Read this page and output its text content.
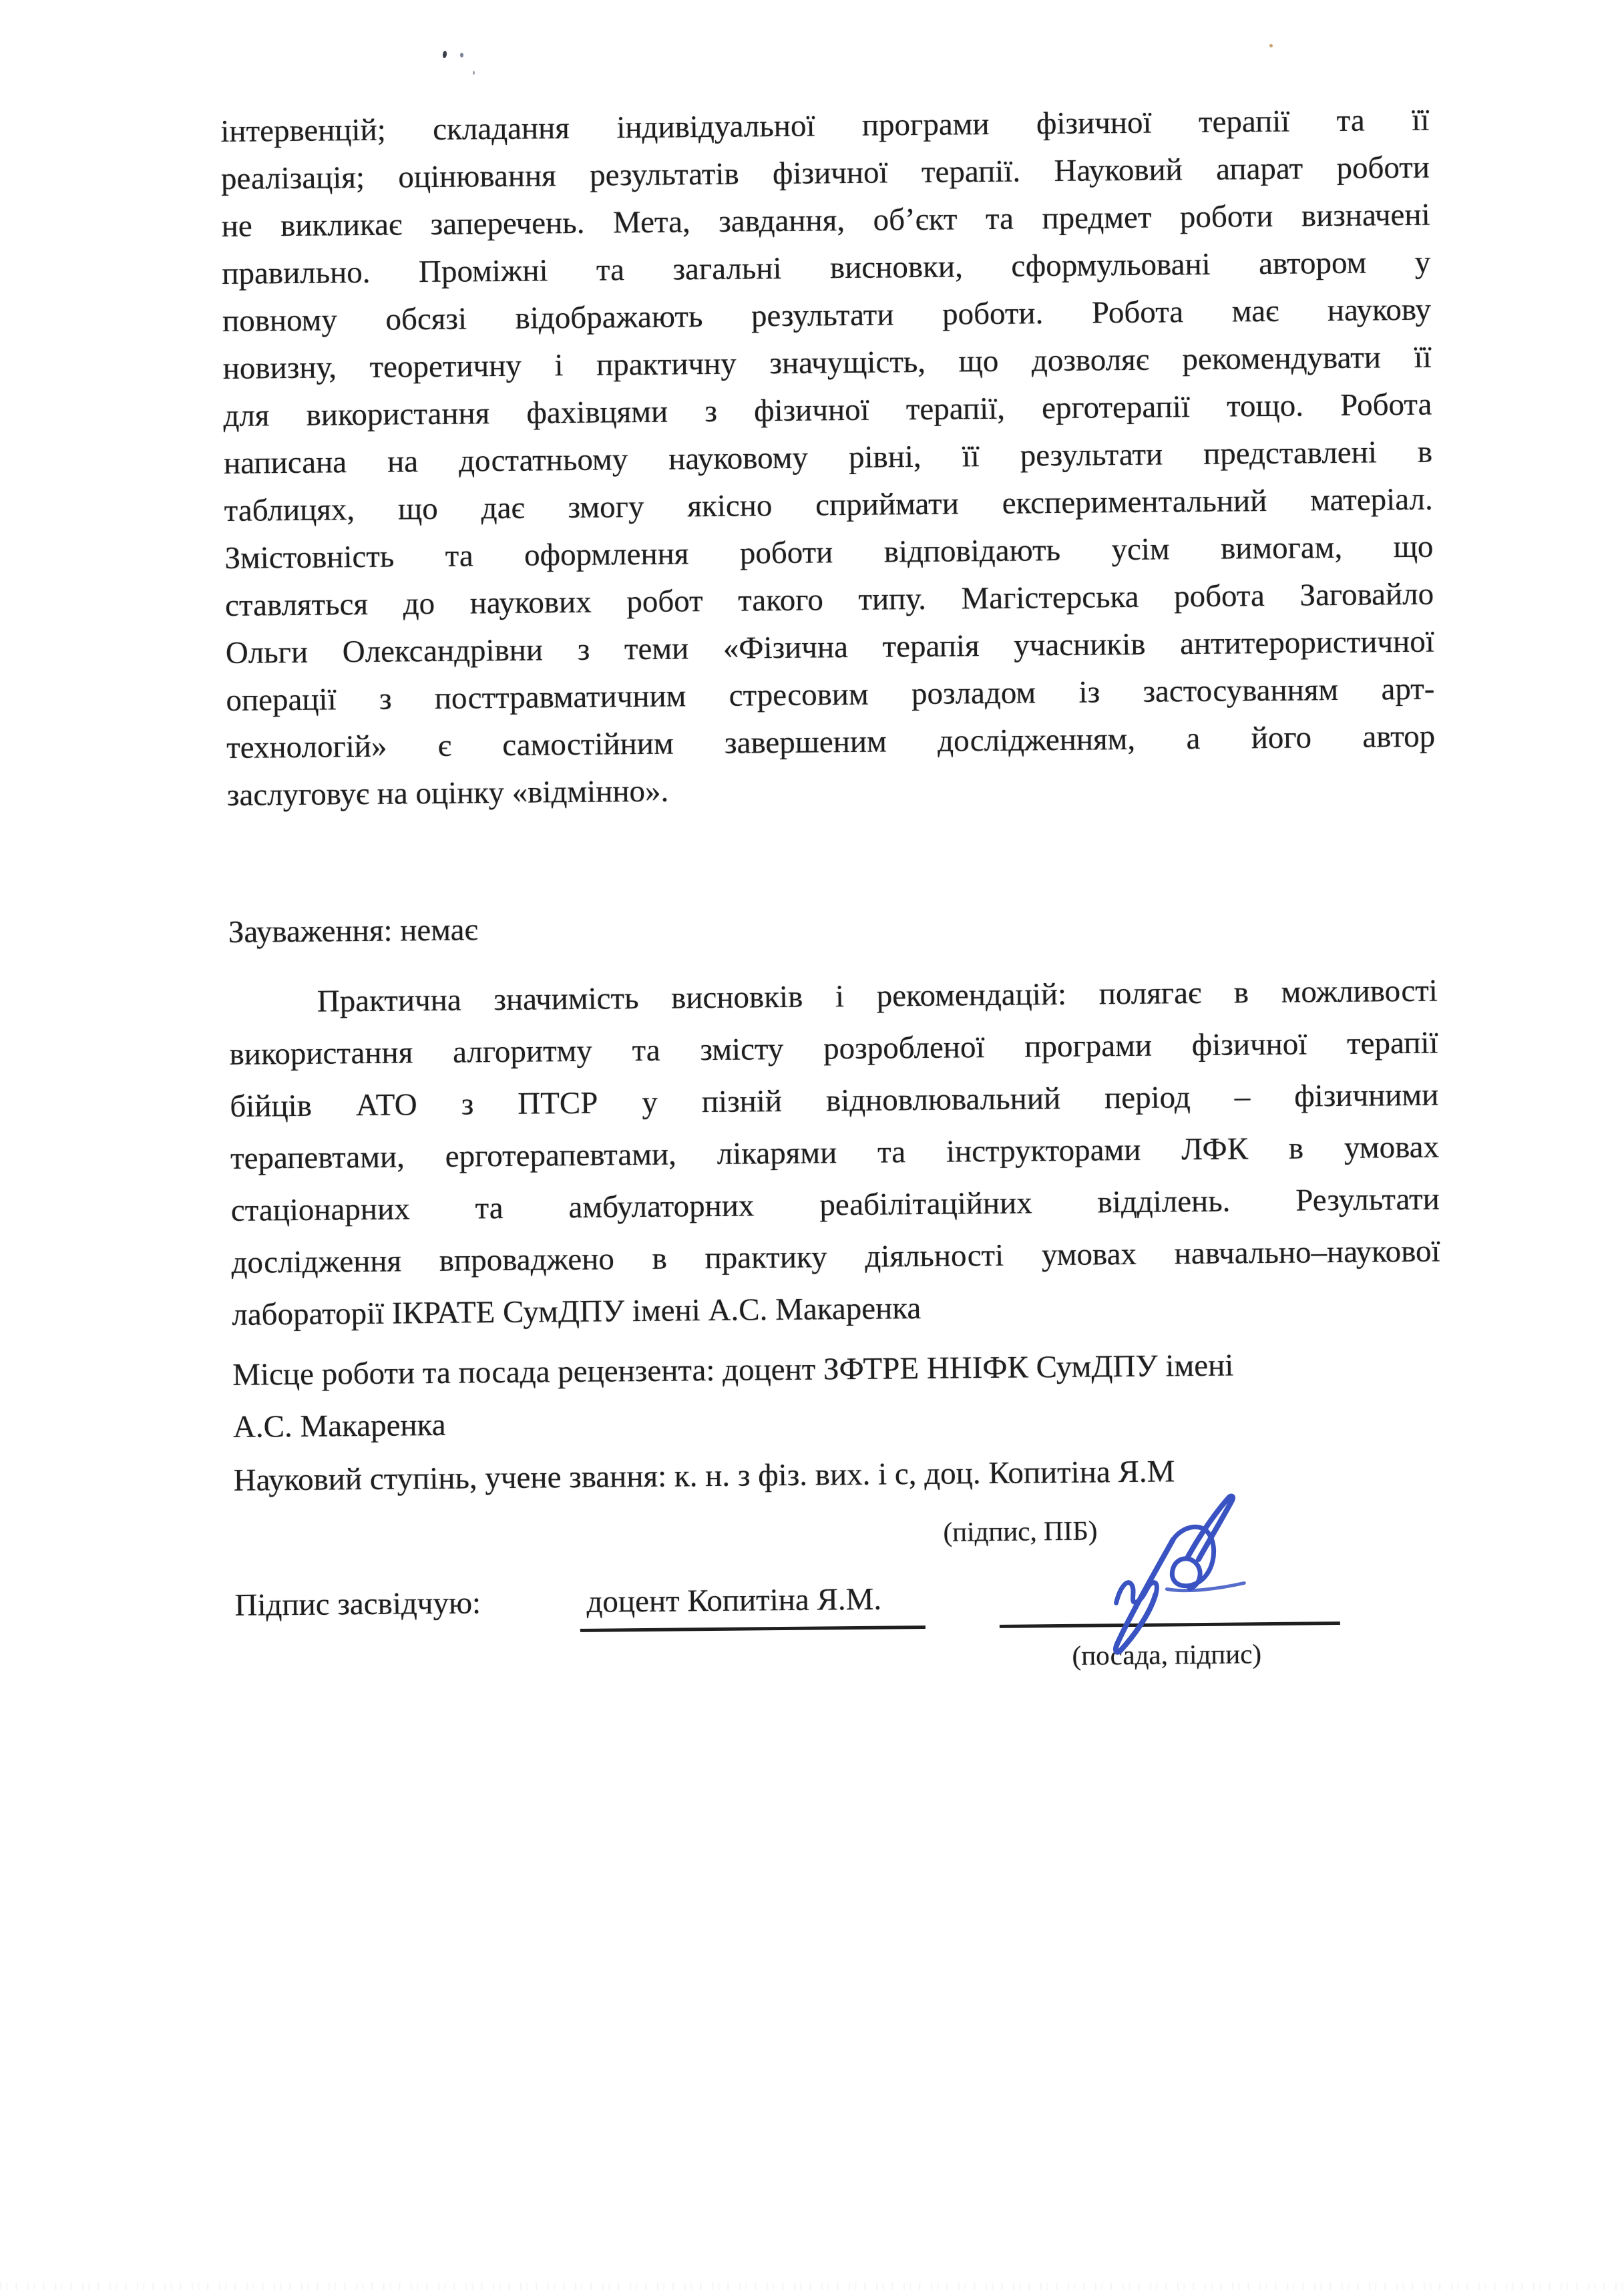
інтервенцій; складання індивідуальної програми фізичної терапії та її
реалізація; оцінювання результатів фізичної терапії. Науковий апарат роботи
не викликає заперечень. Мета, завдання, об’єкт та предмет роботи визначені
правильно. Проміжні та загальні висновки, сформульовані автором у
повному обсязі відображають результати роботи. Робота має наукову
новизну, теоретичну і практичну значущість, що дозволяє рекомендувати її
для використання фахівцями з фізичної терапії, ерготерапії тощо. Робота
написана на достатньому науковому рівні, її результати представлені в
таблицях, що дає змогу якісно сприймати експериментальний матеріал.
Змістовність та оформлення роботи відповідають усім вимогам, що
ставляться до наукових робот такого типу. Магістерська робота Заговайло
Ольги Олександрівни з теми «Фізична терапія учасників антитерористичної
операції з посттравматичним стресовим розладом із застосуванням арт-
технологій» є самостійним завершеним дослідженням, а його автор
заслуговує на оцінку «відмінно».
Зауваження: немає
Практична значимість висновків і рекомендацій: полягає в можливості
використання алгоритму та змісту розробленої програми фізичної терапії
бійців АТО з ПТСР у пізній відновлювальний період – фізичними
терапевтами, ерготерапевтами, лікарями та інструкторами ЛФК в умовах
стаціонарних та амбулаторних реабілітаційних відділень. Результати
дослідження впроваджено в практику діяльності умовах навчально–наукової
лабораторії ІКРАТЕ СумДПУ імені А.С. Макаренка
Місце роботи та посада рецензента: доцент ЗФТРЕ ННІФК СумДПУ імені
А.С. Макаренка
Науковий ступінь, учене звання: к. н. з фіз. вих. і с, доц. Копитіна Я.М
(підпис, ПІБ)
Підпис засвідчую:	доцент Копитіна Я.М.
(посада, підпис)
